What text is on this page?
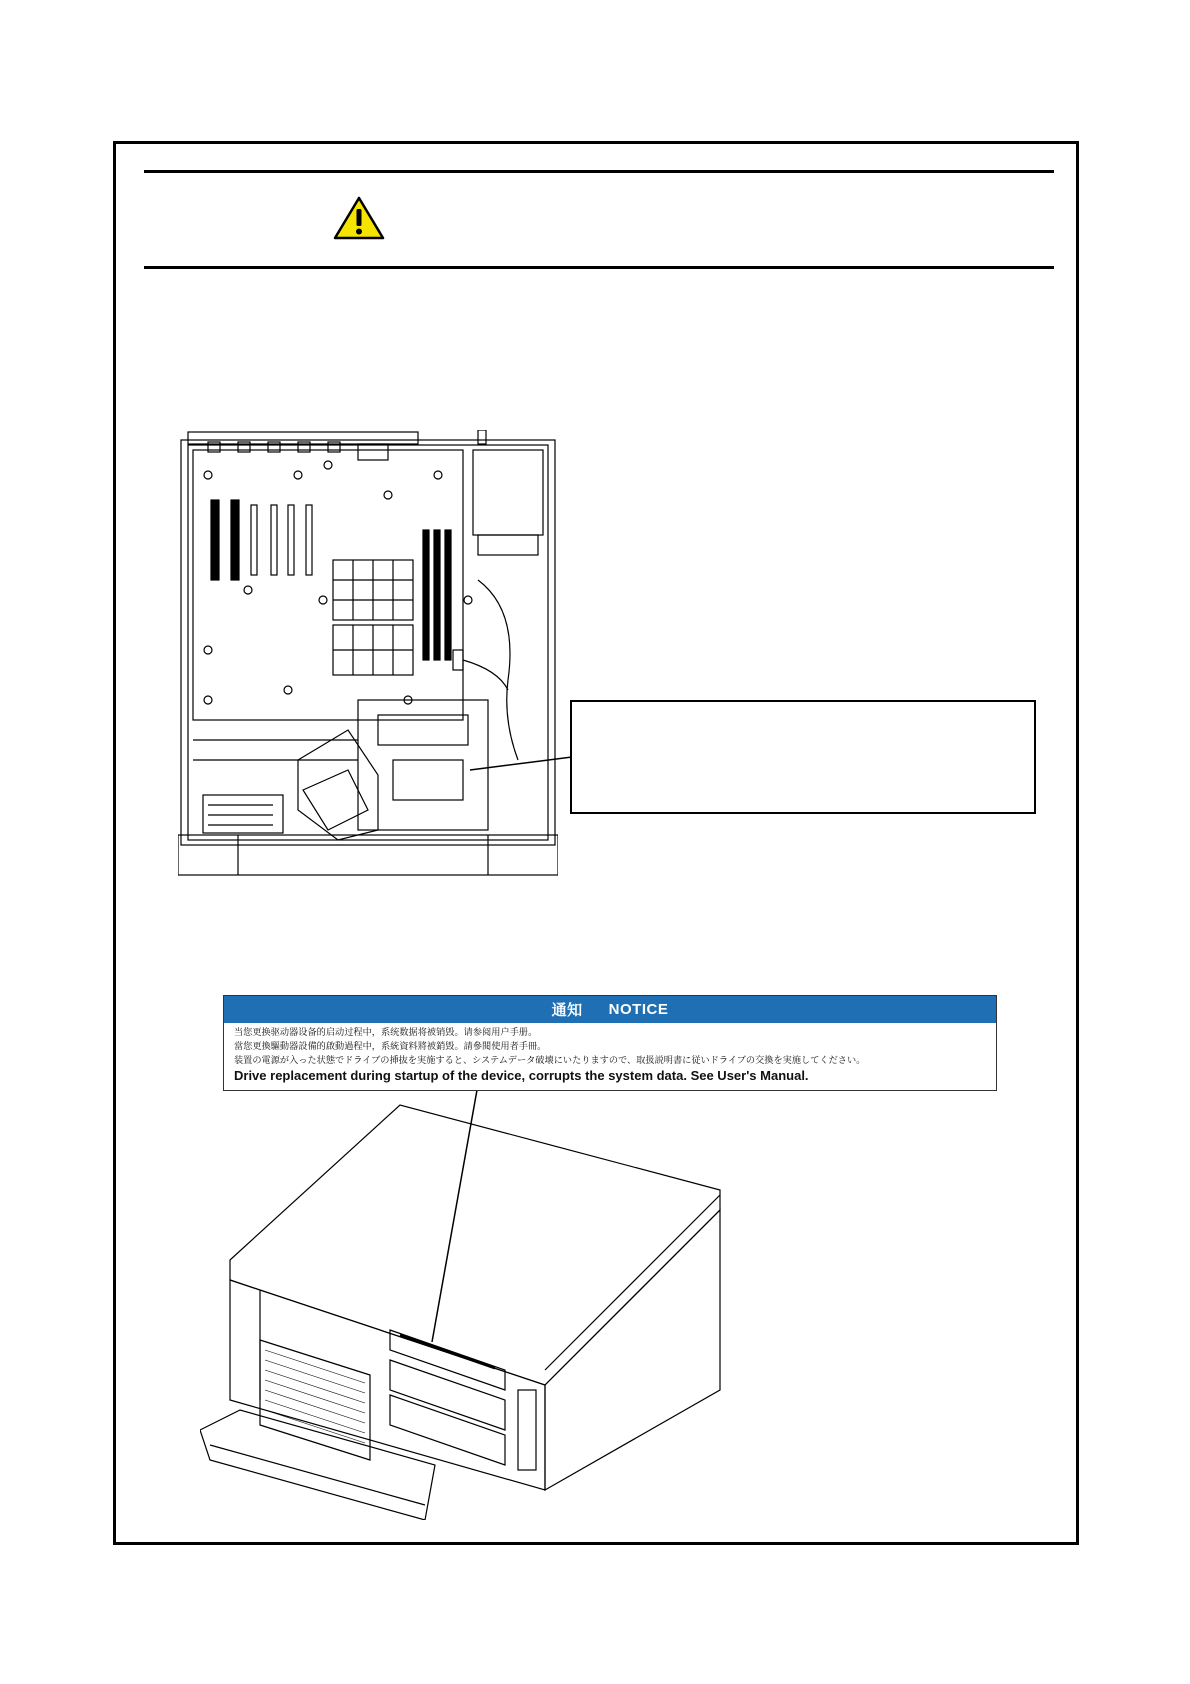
通知 NOTICE
当您更换驱动器设备的启动过程中，系统数据将被销毁。请参阅用户手册。
當您更換驅動器設備的啟動過程中，系統資料將被銷毀。請參閱使用者手冊。
装置の電源が入った状態でドライブの挿抜を実施すると、システムデータ破壊にいたりますので、取扱説明書に従いドライブの交換を実施してください。
Drive replacement during startup of the device, corrupts the system data. See User's Manual.
